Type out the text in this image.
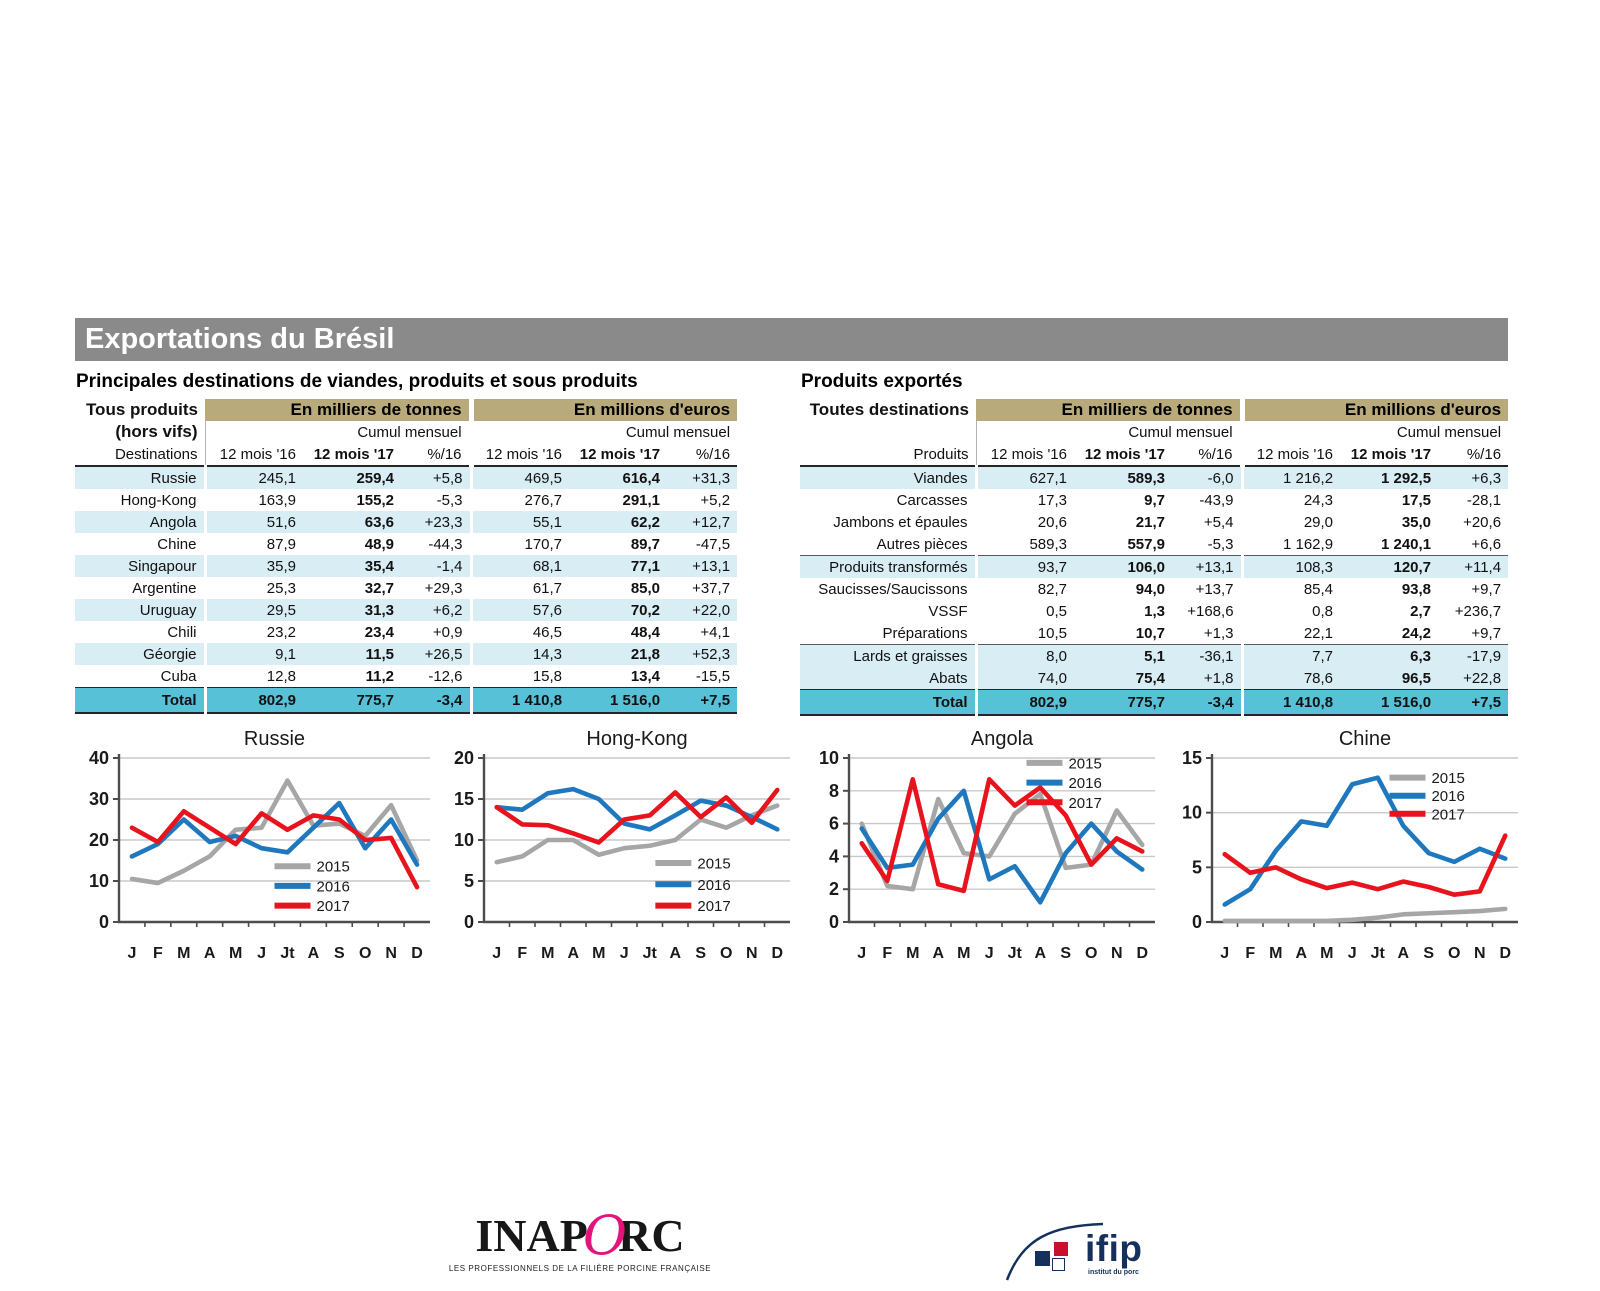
Exportations du Brésil
Principales destinations de viandes, produits et sous produits	Produits exportés
Tous produits	En milliers de tonnes			En millions d'euros		
(hors vifs)	Cumul mensuel			Cumul mensuel		
Destinations	12 mois '16	12 mois '17	%/16	12 mois '16	12 mois '17	%/16
Russie	245,1	259,4	+5,8	469,5	616,4	+31,3
Hong-Kong	163,9	155,2	-5,3	276,7	291,1	+5,2
Angola	51,6	63,6	+23,3	55,1	62,2	+12,7
Chine	87,9	48,9	-44,3	170,7	89,7	-47,5
Singapour	35,9	35,4	-1,4	68,1	77,1	+13,1
Argentine	25,3	32,7	+29,3	61,7	85,0	+37,7
Uruguay	29,5	31,3	+6,2	57,6	70,2	+22,0
Chili	23,2	23,4	+0,9	46,5	48,4	+4,1
Géorgie	9,1	11,5	+26,5	14,3	21,8	+52,3
Cuba	12,8	11,2	-12,6	15,8	13,4	-15,5
Total	802,9	775,7	-3,4	1 410,8	1 516,0	+7,5
Toutes destinations	En milliers de tonnes			En millions d'euros		
	Cumul mensuel			Cumul mensuel		
Produits	12 mois '16	12 mois '17	%/16	12 mois '16	12 mois '17	%/16
Viandes	627,1	589,3	-6,0	1 216,2	1 292,5	+6,3
Carcasses	17,3	9,7	-43,9	24,3	17,5	-28,1
Jambons et épaules	20,6	21,7	+5,4	29,0	35,0	+20,6
Autres pièces	589,3	557,9	-5,3	1 162,9	1 240,1	+6,6
Produits transformés	93,7	106,0	+13,1	108,3	120,7	+11,4
Saucisses/Saucissons	82,7	94,0	+13,7	85,4	93,8	+9,7
VSSF	0,5	1,3	+168,6	0,8	2,7	+236,7
Préparations	10,5	10,7	+1,3	22,1	24,2	+9,7
Lards et graisses	8,0	5,1	-36,1	7,7	6,3	-17,9
Abats	74,0	75,4	+1,8	78,6	96,5	+22,8
Total	802,9	775,7	-3,4	1 410,8	1 516,0	+7,5
Russie
0
10
20
30
40
J F M A M J Jt A S O N D
2015
2016
2017
Hong-Kong
0
5
10
15
20
J F M A M J Jt A S O N D
2015
2016
2017
Angola
0
2
4
6
8
10
J F M A M J Jt A S O N D
2015
2016
2017
Chine
0
5
10
15
J F M A M J Jt A S O N D
2015
2016
2017
INAPORC
LES PROFESSIONNELS DE LA FILIÈRE PORCINE FRANÇAISE	ifip
institut du porc
